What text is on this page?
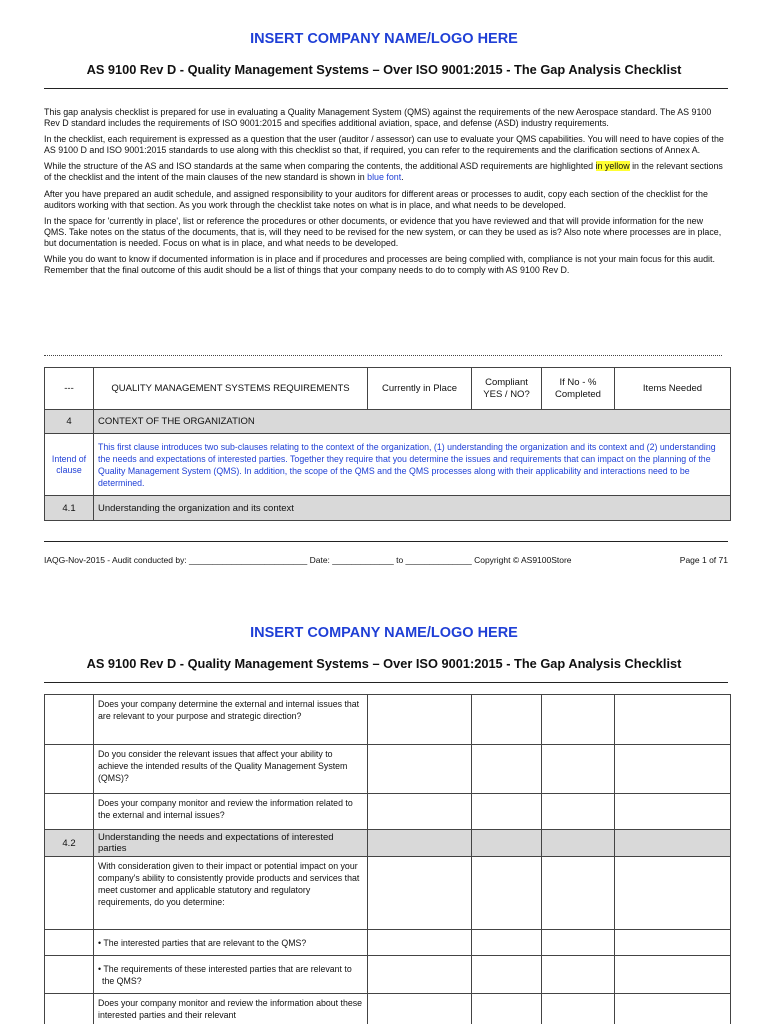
INSERT COMPANY NAME/LOGO HERE
AS 9100 Rev D - Quality Management Systems – Over ISO 9001:2015 - The Gap Analysis Checklist

This gap analysis checklist is prepared for use in evaluating a Quality Management System (QMS) against the requirements of the new Aerospace standard. The AS 9100 Rev D standard includes the requirements of ISO 9001:2015 and specifies additional aviation, space, and defense (ASD) industry requirements.

In the checklist, each requirement is expressed as a question that the user (auditor / assessor) can use to evaluate your QMS capabilities. You will need to have copies of the AS 9100 D and ISO 9001:2015 standards to use along with this checklist so that, if required, you can refer to the requirements and the clarification sections of Annex A.

While the structure of the AS and ISO standards at the same when comparing the contents, the additional ASD requirements are highlighted in yellow in the relevant sections of the checklist and the intent of the main clauses of the new standard is shown in blue font.

After you have prepared an audit schedule, and assigned responsibility to your auditors for different areas or processes to audit, copy each section of the checklist for the auditors working with that section. As you work through the checklist take notes on what is in place, and what needs to be developed.

In the space for 'currently in place', list or reference the procedures or other documents, or evidence that you have reviewed and that will provide information for the new QMS. Take notes on the status of the documents, that is, will they need to be revised for the new system, or can they be used as is? Also note where processes are in place, but documentation is needed. Focus on what is in place, and what needs to be developed.

While you do want to know if documented information is in place and if procedures and processes are being complied with, compliance is not your main focus for this audit. Remember that the final outcome of this audit should be a list of things that your company needs to do to comply with AS 9100 Rev D.

---	QUALITY MANAGEMENT SYSTEMS REQUIREMENTS	Currently in Place	Compliant YES / NO?	If No - % Completed	Items Needed
4	CONTEXT OF THE ORGANIZATION				
Intend of clause	This first clause introduces two sub-clauses relating to the context of the organization, (1) understanding the organization and its context and (2) understanding the needs and expectations of interested parties. Together they require that you determine the issues and requirements that can impact on the planning of the Quality Management System (QMS). In addition, the scope of the QMS and the QMS processes along with their applicability and interactions need to be determined.				
4.1	Understanding the organization and its context				
IAQG-Nov-2015 - Audit conducted by: _________________________ Date: _____________ to ______________ Copyright © AS9100Store	Page 1 of 71
INSERT COMPANY NAME/LOGO HERE
AS 9100 Rev D - Quality Management Systems – Over ISO 9001:2015 - The Gap Analysis Checklist
	Does your company determine the external and internal issues that are relevant to your purpose and strategic direction?				
	Do you consider the relevant issues that affect your ability to achieve the intended results of the Quality Management System (QMS)?				
	Does your company monitor and review the information related to the external and internal issues?				
4.2	Understanding the needs and expectations of interested parties				
	With consideration given to their impact or potential impact on your company's ability to consistently provide products and services that meet customer and applicable statutory and regulatory requirements, do you determine:				
	• The interested parties that are relevant to the QMS?				
	• The requirements of these interested parties that are relevant to the QMS?				
	Does your company monitor and review the information about these interested parties and their relevant				
